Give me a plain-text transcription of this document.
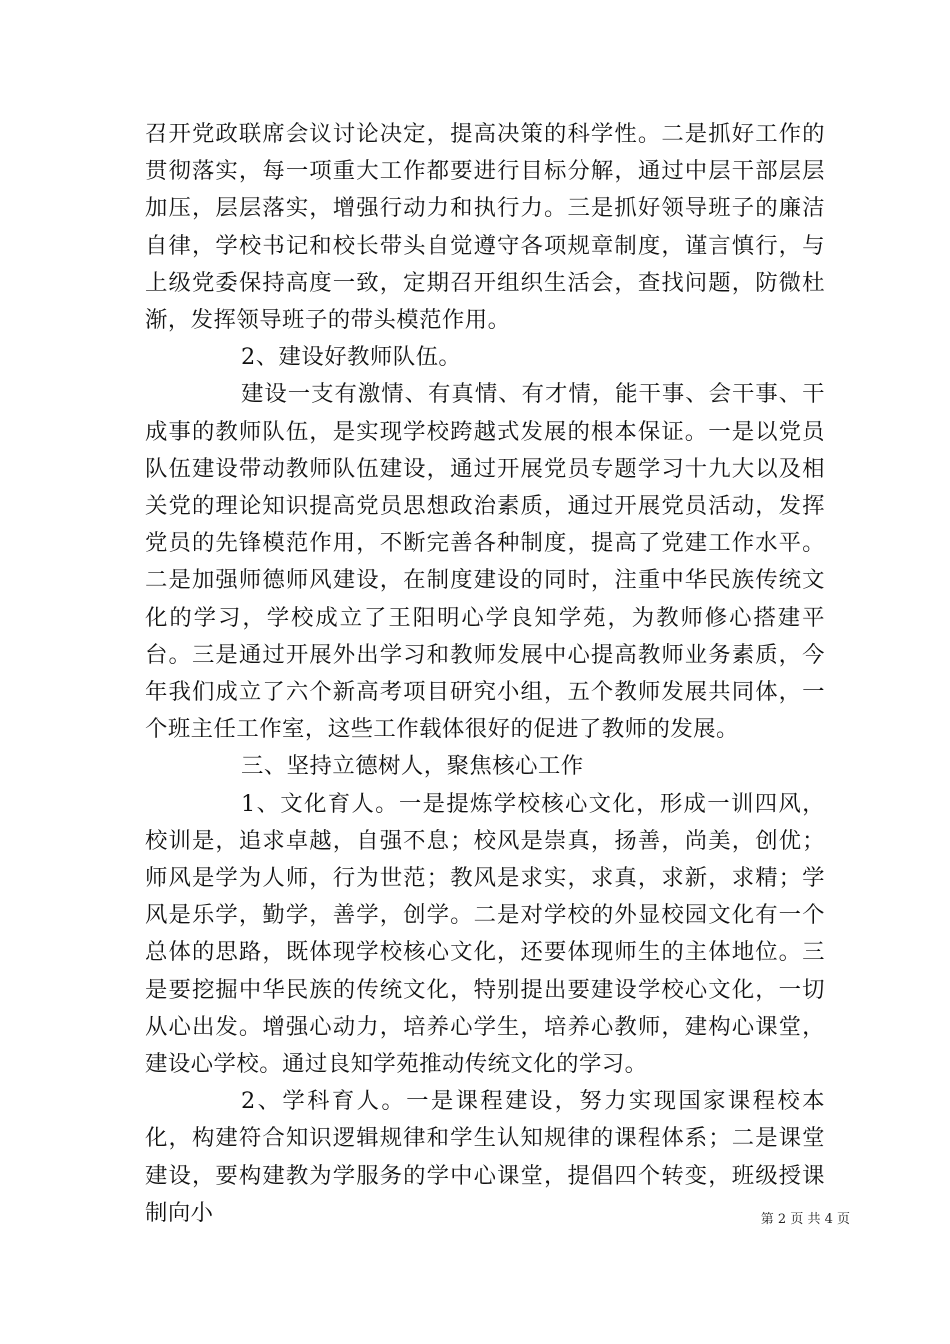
召开党政联席会议讨论决定，提高决策的科学性。二是抓好工作的贯彻落实，每一项重大工作都要进行目标分解，通过中层干部层层加压，层层落实，增强行动力和执行力。三是抓好领导班子的廉洁自律，学校书记和校长带头自觉遵守各项规章制度，谨言慎行，与上级党委保持高度一致，定期召开组织生活会，查找问题，防微杜渐，发挥领导班子的带头模范作用。

2、建设好教师队伍。

建设一支有激情、有真情、有才情，能干事、会干事、干成事的教师队伍，是实现学校跨越式发展的根本保证。一是以党员队伍建设带动教师队伍建设，通过开展党员专题学习十九大以及相关党的理论知识提高党员思想政治素质，通过开展党员活动，发挥党员的先锋模范作用，不断完善各种制度，提高了党建工作水平。二是加强师德师风建设，在制度建设的同时，注重中华民族传统文化的学习，学校成立了王阳明心学良知学苑，为教师修心搭建平台。三是通过开展外出学习和教师发展中心提高教师业务素质，今年我们成立了六个新高考项目研究小组，五个教师发展共同体，一个班主任工作室，这些工作载体很好的促进了教师的发展。

三、坚持立德树人，聚焦核心工作

1、文化育人。一是提炼学校核心文化，形成一训四风，校训是，追求卓越，自强不息；校风是崇真，扬善，尚美，创优；师风是学为人师，行为世范；教风是求实，求真，求新，求精；学风是乐学，勤学，善学，创学。二是对学校的外显校园文化有一个总体的思路，既体现学校核心文化，还要体现师生的主体地位。三是要挖掘中华民族的传统文化，特别提出要建设学校心文化，一切从心出发。增强心动力，培养心学生，培养心教师，建构心课堂，建设心学校。通过良知学苑推动传统文化的学习。

2、学科育人。一是课程建设，努力实现国家课程校本化，构建符合知识逻辑规律和学生认知规律的课程体系；二是课堂建设，要构建教为学服务的学中心课堂，提倡四个转变，班级授课制向小	第 2 页 共 4 页
